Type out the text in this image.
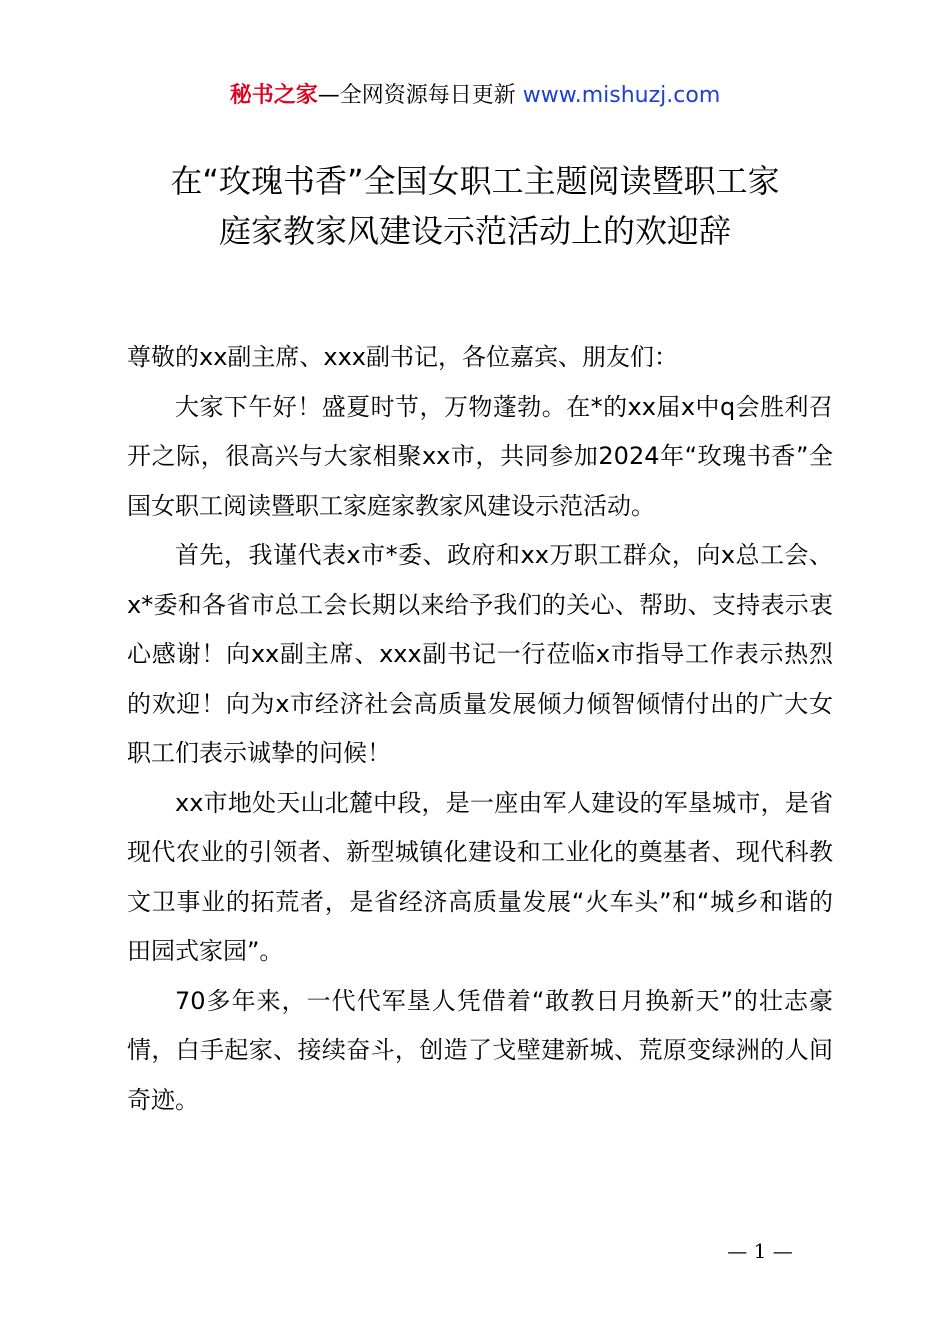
秘书之家—全网资源每日更新 www.mishuzj.com
在“玫瑰书香”全国女职工主题阅读暨职工家
庭家教家风建设示范活动上的欢迎辞

尊敬的xx副主席、xxx副书记，各位嘉宾、朋友们：

大家下午好！盛夏时节，万物蓬勃。在*的xx届x中q会胜利召开之际，很高兴与大家相聚xx市，共同参加2024年“玫瑰书香”全国女职工阅读暨职工家庭家教家风建设示范活动。

首先，我谨代表x市*委、政府和xx万职工群众，向x总工会、x*委和各省市总工会长期以来给予我们的关心、帮助、支持表示衷心感谢！向xx副主席、xxx副书记一行莅临x市指导工作表示热烈的欢迎！向为x市经济社会高质量发展倾力倾智倾情付出的广大女职工们表示诚挚的问候！

xx市地处天山北麓中段，是一座由军人建设的军垦城市，是省现代农业的引领者、新型城镇化建设和工业化的奠基者、现代科教文卫事业的拓荒者，是省经济高质量发展“火车头”和“城乡和谐的田园式家园”。

70多年来，一代代军垦人凭借着“敢教日月换新天”的壮志豪情，白手起家、接续奋斗，创造了戈壁建新城、荒原变绿洲的人间奇迹。

— 1 —
